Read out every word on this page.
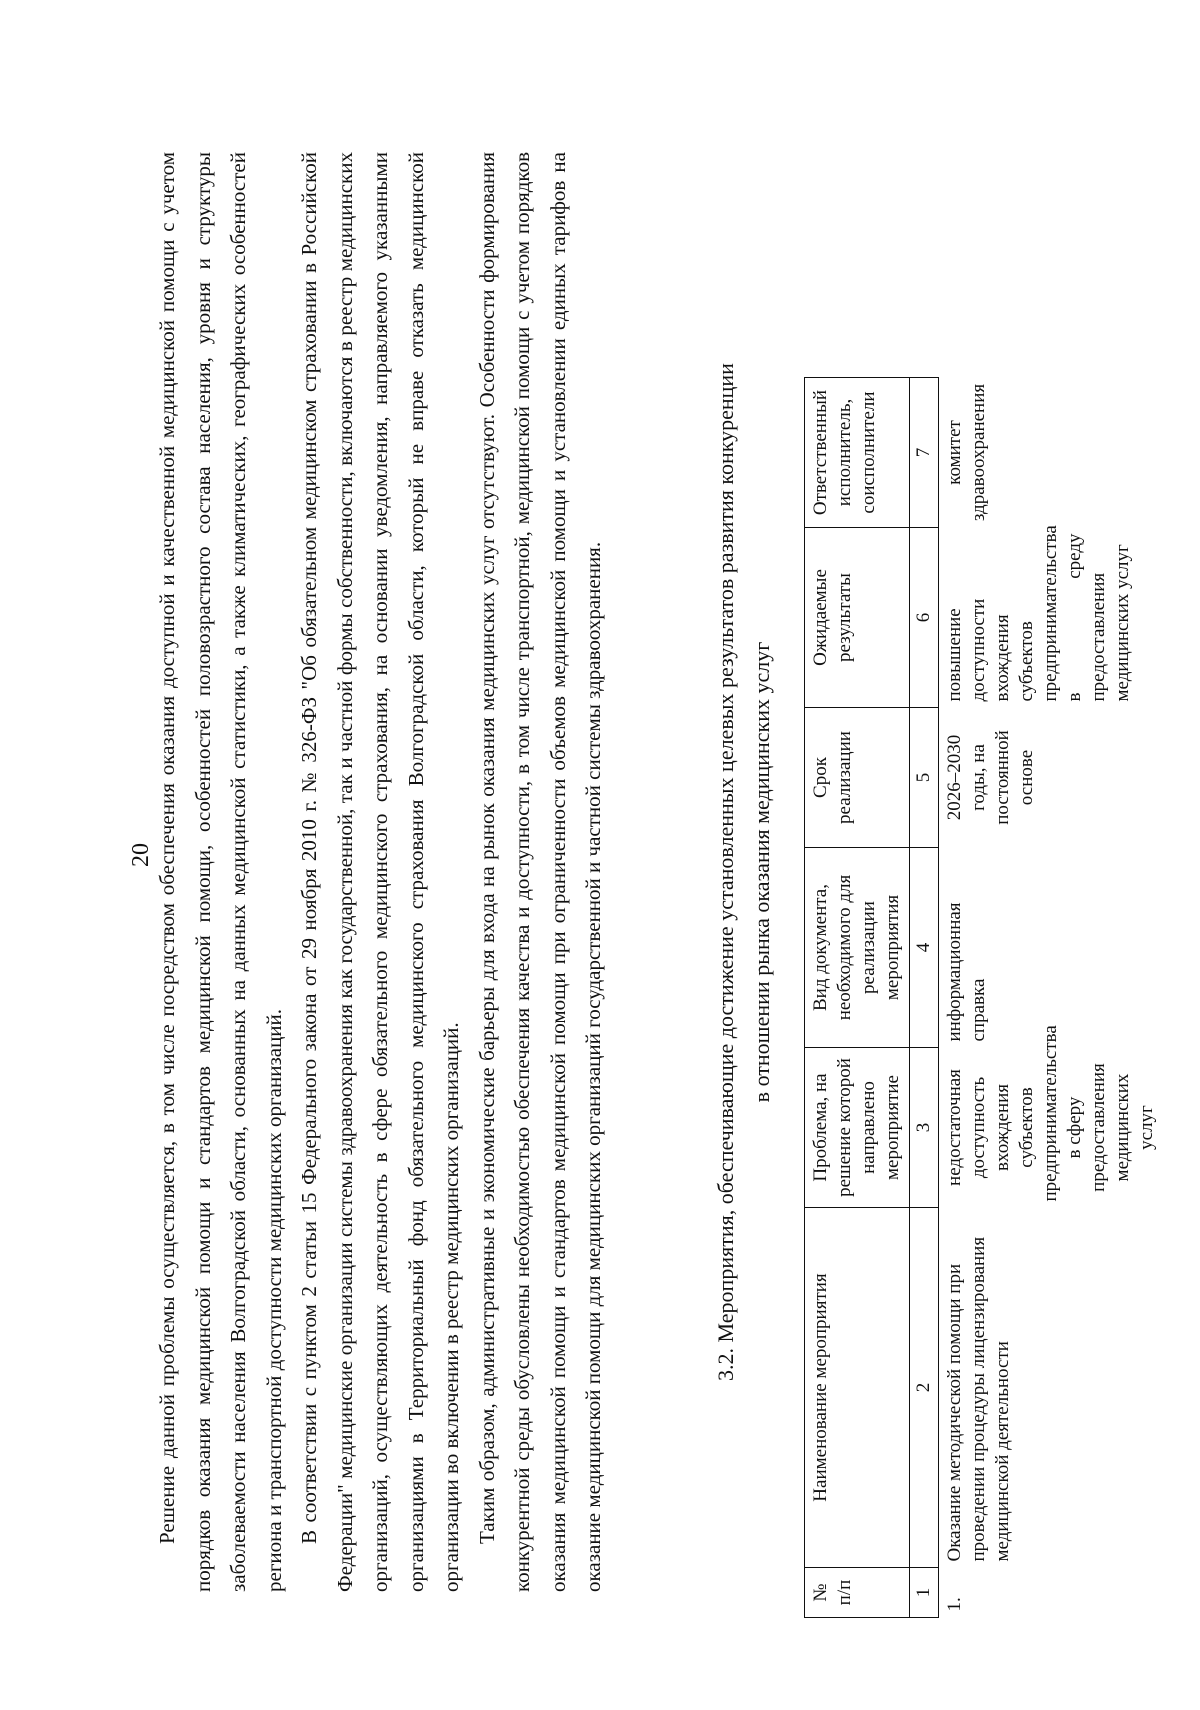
20 Решение данной проблемы осуществляется, в том числе посредством обеспечения оказания доступной и качественной медицинской помощи с учетом порядков оказания медицинской помощи и стандартов медицинской помощи, особенностей половозрастного состава населения, уровня и структуры заболеваемости населения Волгоградской области, основанных на данных медицинской статистики, а также климатических, географических особенностей региона и транспортной доступности медицинских организаций. В соответствии с пунктом 2 статьи 15 Федерального закона от 29 ноября 2010 г. № 326-ФЗ "Об обязательном медицинском страховании в Российской Федерации" медицинские организации системы здравоохранения как государственной, так и частной формы собственности, включаются в реестр медицинских организаций, осуществляющих деятельность в сфере обязательного медицинского страхования, на основании уведомления, направляемого указанными организациями в Территориальный фонд обязательного медицинского страхования Волгоградской области, который не вправе отказать медицинской организации во включении в реестр медицинских организаций. Таким образом, административные и экономические барьеры для входа на рынок оказания медицинских услуг отсутствуют. Особенности формирования конкурентной среды обусловлены необходимостью обеспечения качества и доступности, в том числе транспортной, медицинской помощи с учетом порядков оказания медицинской помощи и стандартов медицинской помощи при ограниченности объемов медицинской помощи и установлении единых тарифов на оказание медицинской помощи для медицинских организаций государственной и частной системы здравоохранения.	3.2. Мероприятия, обеспечивающие достижение установленных целевых результатов развития конкуренции в отношении рынка оказания медицинских услуг
№ п/п	Наименование мероприятия	Проблема, на решение которой направлено мероприятие	Вид документа, необходимого для реализации мероприятия	Срок реализации	Ожидаемые результаты	Ответственный исполнитель, соисполнители	
1	2	3	4	5	6	7	
1.	Оказание методической помощи при проведении процедуры лицензирования медицинской деятельности	недостаточная доступность вхождения субъектов предпринимательства в сферу предоставления медицинских услуг	информационная справка	2026–2030 годы, на постоянной основе	повышение доступности вхождения субъектов предпринимательства в среду предоставления медицинских услуг	комитет здравоохранения	
